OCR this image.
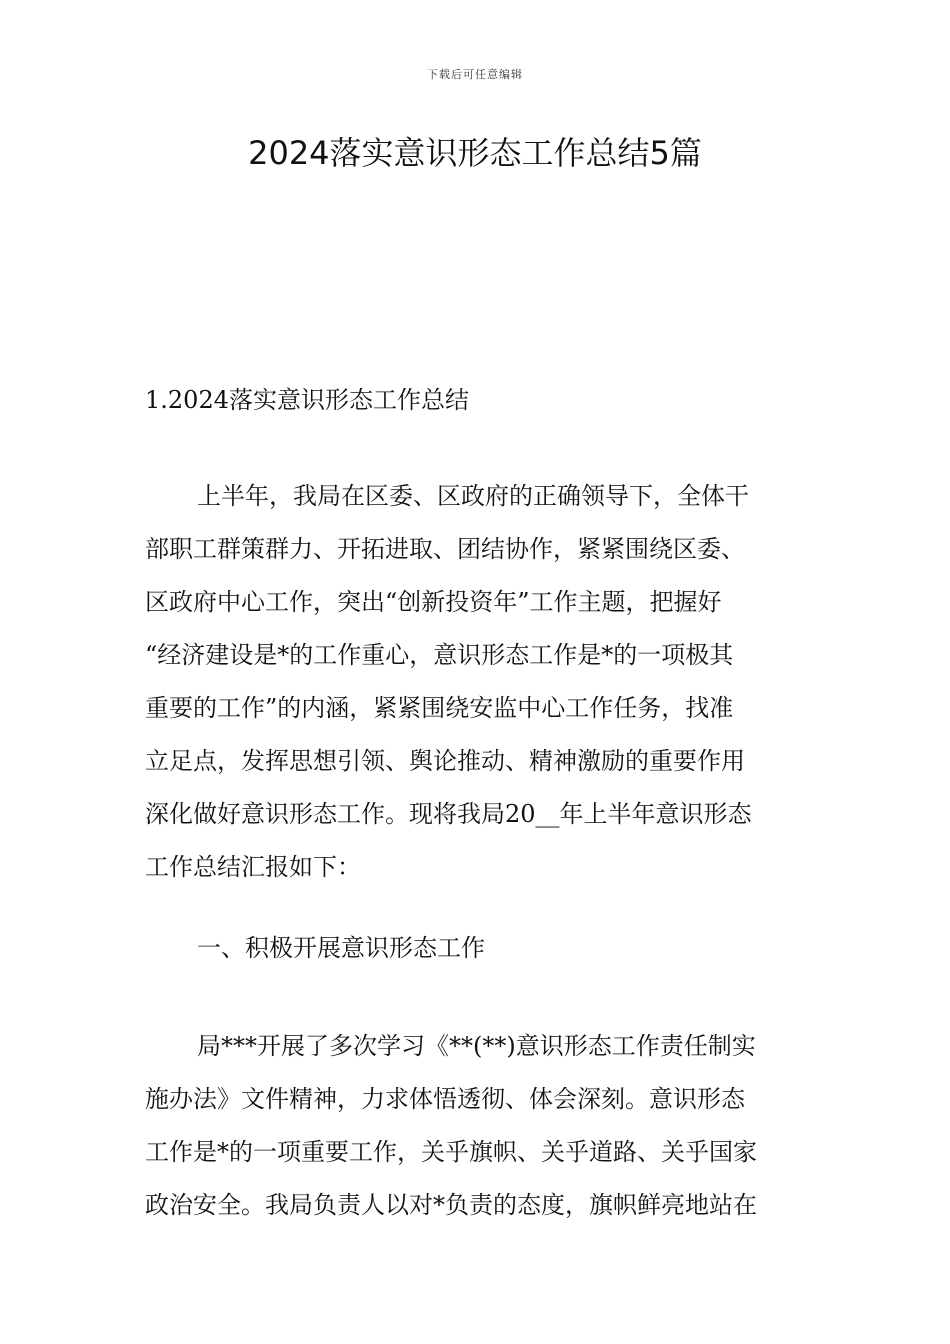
下载后可任意编辑
2024落实意识形态工作总结5篇
1.2024落实意识形态工作总结
上半年，我局在区委、区政府的正确领导下，全体干
部职工群策群力、开拓进取、团结协作，紧紧围绕区委、
区政府中心工作，突出“创新投资年”工作主题，把握好
“经济建设是*的工作重心，意识形态工作是*的一项极其
重要的工作”的内涵，紧紧围绕安监中心工作任务，找准
立足点，发挥思想引领、舆论推动、精神激励的重要作用
深化做好意识形态工作。现将我局20__年上半年意识形态
工作总结汇报如下：
一、积极开展意识形态工作
局***开展了多次学习《**(**)意识形态工作责任制实
施办法》文件精神，力求体悟透彻、体会深刻。意识形态
工作是*的一项重要工作，关乎旗帜、关乎道路、关乎国家
政治安全。我局负责人以对*负责的态度，旗帜鲜亮地站在
